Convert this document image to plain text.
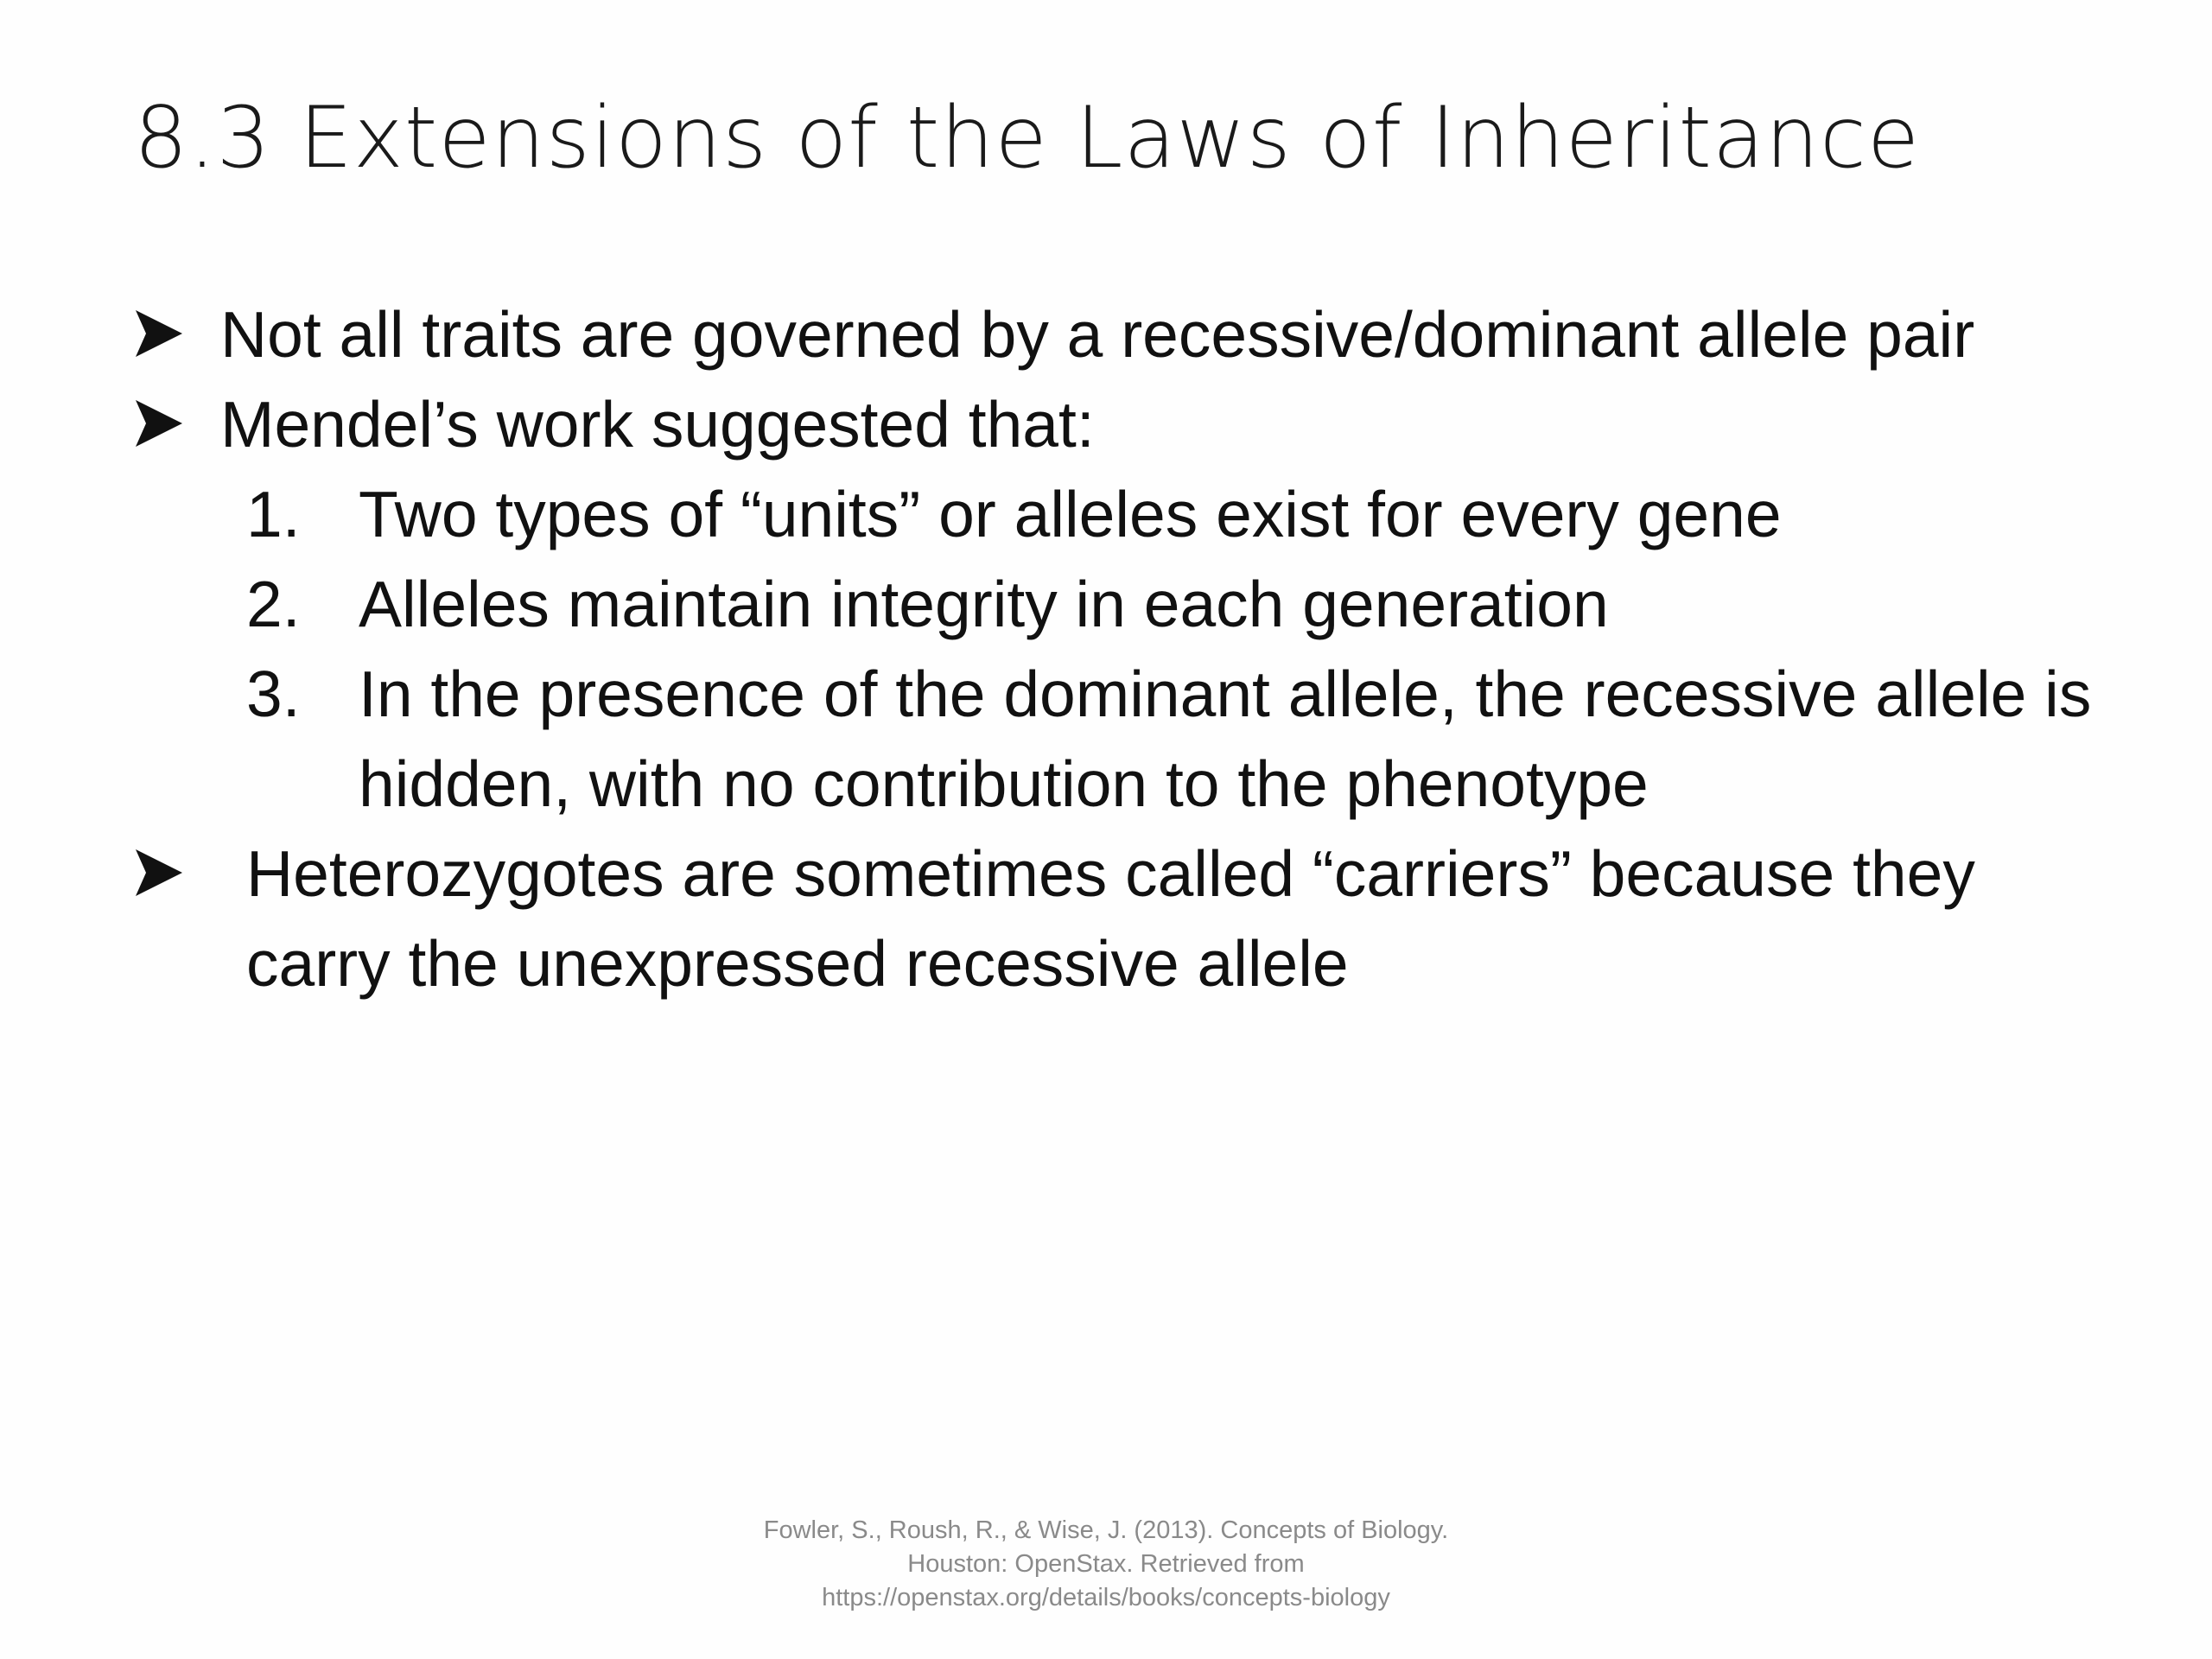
8.3 Extensions of the Laws of Inheritance
Not all traits are governed by a recessive/dominant allele pair
Mendel’s work suggested that:
1. Two types of “units” or alleles exist for every gene
2. Alleles maintain integrity in each generation
3. In the presence of the dominant allele, the recessive allele is hidden, with no contribution to the phenotype
Heterozygotes are sometimes called “carriers” because they carry the unexpressed recessive allele
Fowler, S., Roush, R., & Wise, J. (2013). Concepts of Biology.
Houston: OpenStax. Retrieved from
https://openstax.org/details/books/concepts-biology
